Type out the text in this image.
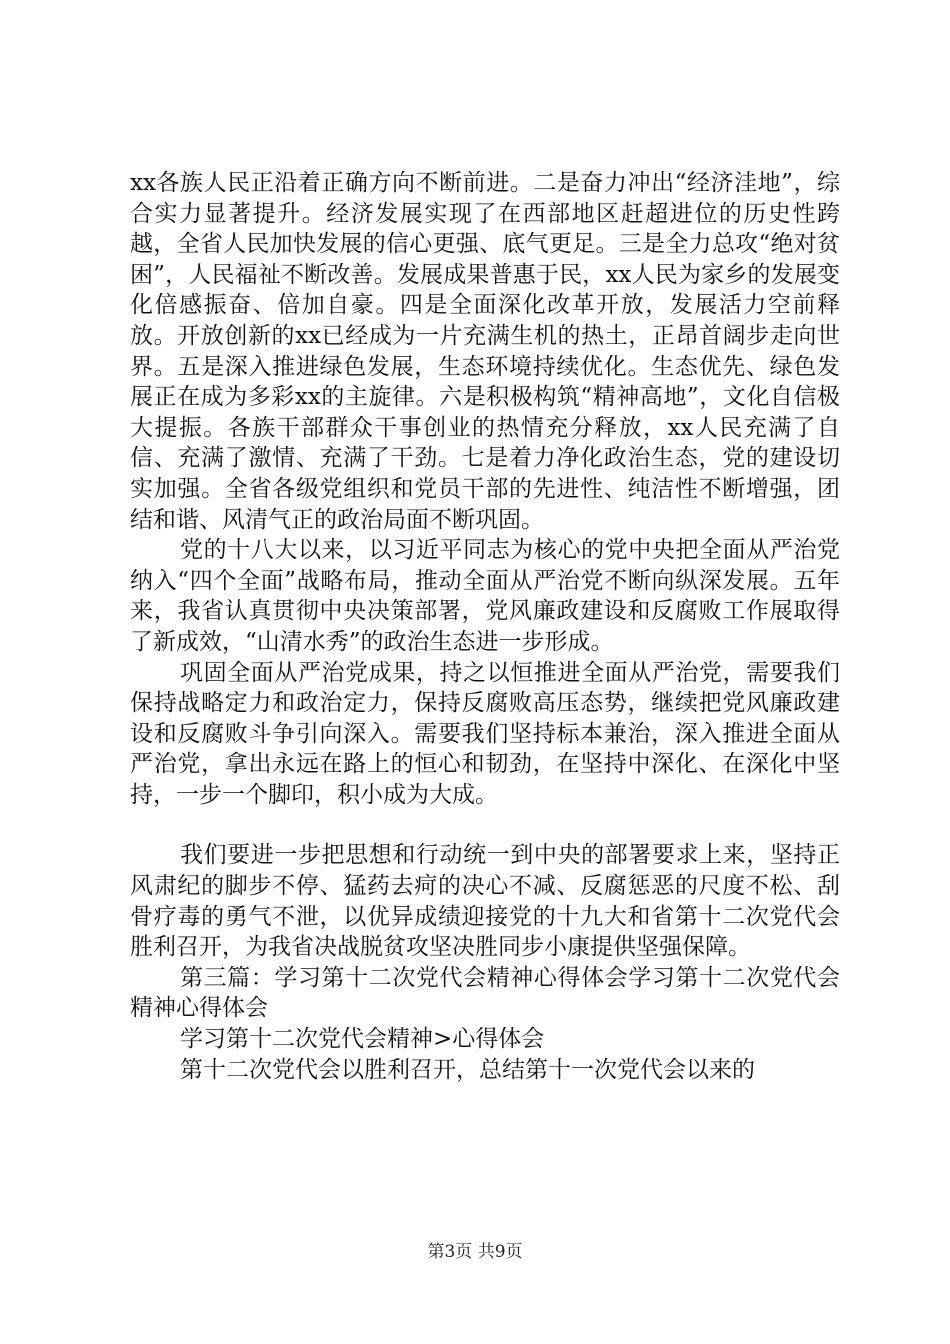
xx各族人民正沿着正确方向不断前进。二是奋力冲出“经济洼地”，综合实力显著提升。经济发展实现了在西部地区赶超进位的历史性跨越，全省人民加快发展的信心更强、底气更足。三是全力总攻“绝对贫困”，人民福祉不断改善。发展成果普惠于民，xx人民为家乡的发展变化倍感振奋、倍加自豪。四是全面深化改革开放，发展活力空前释放。开放创新的xx已经成为一片充满生机的热土，正昂首阔步走向世界。五是深入推进绿色发展，生态环境持续优化。生态优先、绿色发展正在成为多彩xx的主旋律。六是积极构筑“精神高地”，文化自信极大提振。各族干部群众干事创业的热情充分释放，xx人民充满了自信、充满了激情、充满了干劲。七是着力净化政治生态，党的建设切实加强。全省各级党组织和党员干部的先进性、纯洁性不断增强，团结和谐、风清气正的政治局面不断巩固。

党的十八大以来，以习近平同志为核心的党中央把全面从严治党纳入“四个全面”战略布局，推动全面从严治党不断向纵深发展。五年来，我省认真贯彻中央决策部署，党风廉政建设和反腐败工作展取得了新成效，“山清水秀”的政治生态进一步形成。

巩固全面从严治党成果，持之以恒推进全面从严治党，需要我们保持战略定力和政治定力，保持反腐败高压态势，继续把党风廉政建设和反腐败斗争引向深入。需要我们坚持标本兼治，深入推进全面从严治党，拿出永远在路上的恒心和韧劲，在坚持中深化、在深化中坚持，一步一个脚印，积小成为大成。

我们要进一步把思想和行动统一到中央的部署要求上来，坚持正风肃纪的脚步不停、猛药去疴的决心不减、反腐惩恶的尺度不松、刮骨疗毒的勇气不泄，以优异成绩迎接党的十九大和省第十二次党代会胜利召开，为我省决战脱贫攻坚决胜同步小康提供坚强保障。

第三篇：学习第十二次党代会精神心得体会学习第十二次党代会精神心得体会

学习第十二次党代会精神>心得体会

第十二次党代会以胜利召开，总结第十一次党代会以来的

第3页 共9页
